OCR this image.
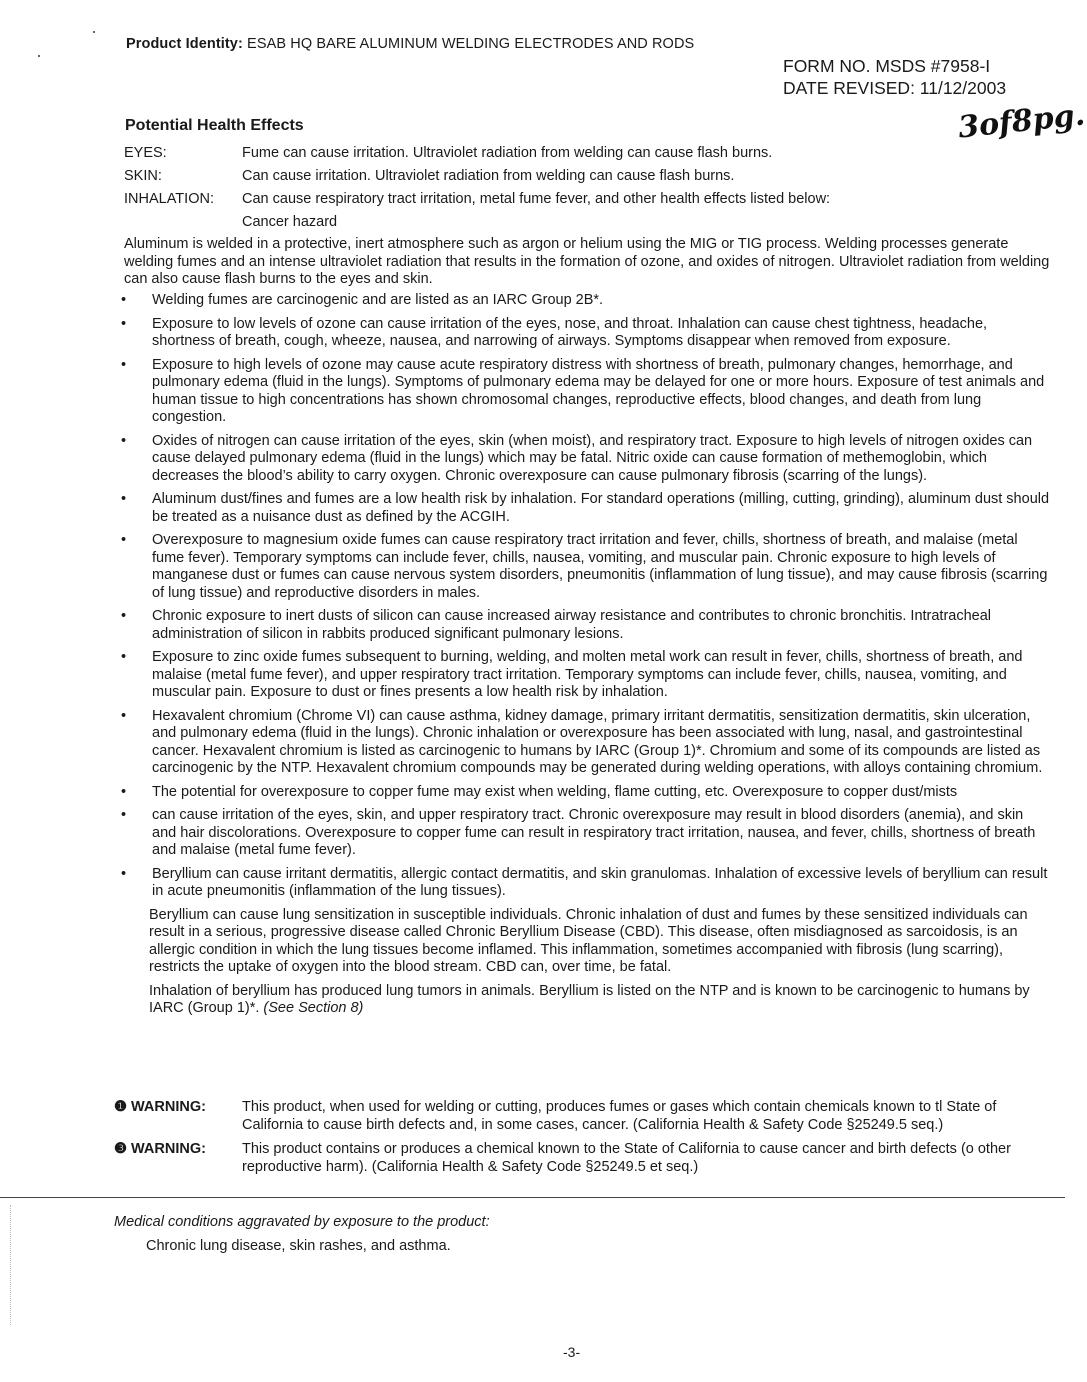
Product Identity: ESAB HQ BARE ALUMINUM WELDING ELECTRODES AND RODS
FORM NO. MSDS #7958-I
DATE REVISED: 11/12/2003
3of8pg.
Potential Health Effects
EYES:	Fume can cause irritation. Ultraviolet radiation from welding can cause flash burns.
SKIN:	Can cause irritation. Ultraviolet radiation from welding can cause flash burns.
INHALATION:	Can cause respiratory tract irritation, metal fume fever, and other health effects listed below:
Cancer hazard
Aluminum is welded in a protective, inert atmosphere such as argon or helium using the MIG or TIG process. Welding processes generate welding fumes and an intense ultraviolet radiation that results in the formation of ozone, and oxides of nitrogen. Ultraviolet radiation from welding can also cause flash burns to the eyes and skin.
•	Welding fumes are carcinogenic and are listed as an IARC Group 2B*.
•	Exposure to low levels of ozone can cause irritation of the eyes, nose, and throat. Inhalation can cause chest tightness, headache, shortness of breath, cough, wheeze, nausea, and narrowing of airways. Symptoms disappear when removed from exposure.
•	Exposure to high levels of ozone may cause acute respiratory distress with shortness of breath, pulmonary changes, hemorrhage, and pulmonary edema (fluid in the lungs). Symptoms of pulmonary edema may be delayed for one or more hours. Exposure of test animals and human tissue to high concentrations has shown chromosomal changes, reproductive effects, blood changes, and death from lung congestion.
•	Oxides of nitrogen can cause irritation of the eyes, skin (when moist), and respiratory tract. Exposure to high levels of nitrogen oxides can cause delayed pulmonary edema (fluid in the lungs) which may be fatal. Nitric oxide can cause formation of methemoglobin, which decreases the blood’s ability to carry oxygen. Chronic overexposure can cause pulmonary fibrosis (scarring of the lungs).
•	Aluminum dust/fines and fumes are a low health risk by inhalation. For standard operations (milling, cutting, grinding), aluminum dust should be treated as a nuisance dust as defined by the ACGIH.
•	Overexposure to magnesium oxide fumes can cause respiratory tract irritation and fever, chills, shortness of breath, and malaise (metal fume fever). Temporary symptoms can include fever, chills, nausea, vomiting, and muscular pain. Chronic exposure to high levels of manganese dust or fumes can cause nervous system disorders, pneumonitis (inflammation of lung tissue), and may cause fibrosis (scarring of lung tissue) and reproductive disorders in males.
•	Chronic exposure to inert dusts of silicon can cause increased airway resistance and contributes to chronic bronchitis. Intratracheal administration of silicon in rabbits produced significant pulmonary lesions.
•	Exposure to zinc oxide fumes subsequent to burning, welding, and molten metal work can result in fever, chills, shortness of breath, and malaise (metal fume fever), and upper respiratory tract irritation. Temporary symptoms can include fever, chills, nausea, vomiting, and muscular pain. Exposure to dust or fines presents a low health risk by inhalation.
•	Hexavalent chromium (Chrome VI) can cause asthma, kidney damage, primary irritant dermatitis, sensitization dermatitis, skin ulceration, and pulmonary edema (fluid in the lungs). Chronic inhalation or overexposure has been associated with lung, nasal, and gastrointestinal cancer. Hexavalent chromium is listed as carcinogenic to humans by IARC (Group 1)*. Chromium and some of its compounds are listed as carcinogenic by the NTP. Hexavalent chromium compounds may be generated during welding operations, with alloys containing chromium.
•	The potential for overexposure to copper fume may exist when welding, flame cutting, etc. Overexposure to copper dust/mists
•	can cause irritation of the eyes, skin, and upper respiratory tract. Chronic overexposure may result in blood disorders (anemia), and skin and hair discolorations. Overexposure to copper fume can result in respiratory tract irritation, nausea, and fever, chills, shortness of breath and malaise (metal fume fever).
•	Beryllium can cause irritant dermatitis, allergic contact dermatitis, and skin granulomas. Inhalation of excessive levels of beryllium can result in acute pneumonitis (inflammation of the lung tissues).
Beryllium can cause lung sensitization in susceptible individuals. Chronic inhalation of dust and fumes by these sensitized individuals can result in a serious, progressive disease called Chronic Beryllium Disease (CBD). This disease, often misdiagnosed as sarcoidosis, is an allergic condition in which the lung tissues become inflamed. This inflammation, sometimes accompanied with fibrosis (lung scarring), restricts the uptake of oxygen into the blood stream. CBD can, over time, be fatal.
Inhalation of beryllium has produced lung tumors in animals. Beryllium is listed on the NTP and is known to be carcinogenic to humans by IARC (Group 1)*. (See Section 8)
❶ WARNING:	This product, when used for welding or cutting, produces fumes or gases which contain chemicals known to tl State of California to cause birth defects and, in some cases, cancer. (California Health & Safety Code §25249.5 seq.)
❸ WARNING:	This product contains or produces a chemical known to the State of California to cause cancer and birth defects (o other reproductive harm). (California Health & Safety Code §25249.5 et seq.)
Medical conditions aggravated by exposure to the product:
Chronic lung disease, skin rashes, and asthma.
-3-
